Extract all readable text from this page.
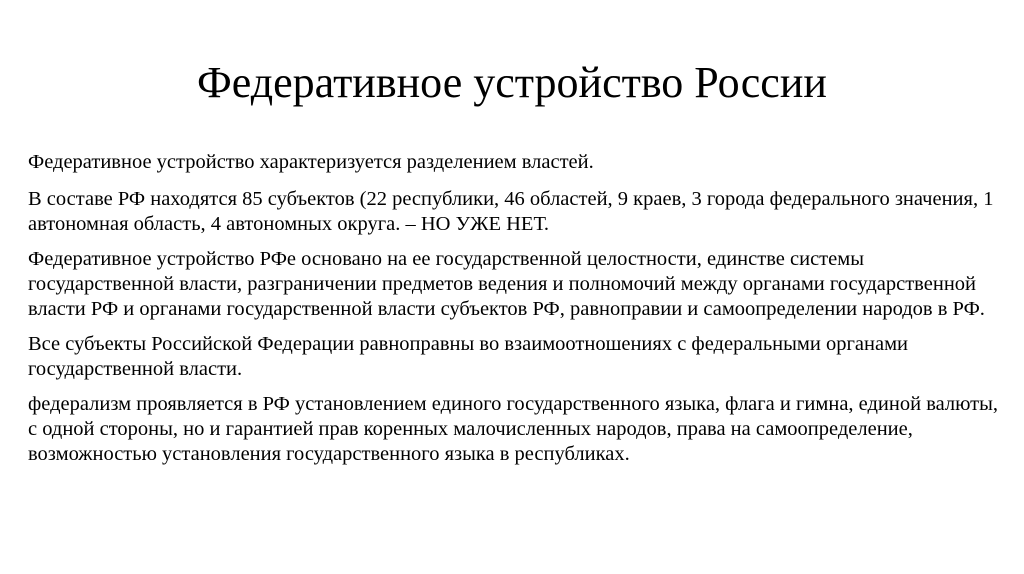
Федеративное устройство России

Федеративное устройство характеризуется разделением властей.

В составе РФ находятся 85 субъектов (22 республики, 46 областей, 9 краев, 3 города федерального значения, 1 автономная область, 4 автономных округа. – НО УЖЕ НЕТ.

Федеративное устройство РФе основано на ее государственной целостности, единстве системы государственной власти, разграничении предметов ведения и полномочий между органами государственной власти РФ и органами государственной власти субъектов РФ, равноправии и самоопределении народов в РФ.

Все субъекты Российской Федерации равноправны во взаимоотношениях с федеральными органами государственной власти.

федерализм проявляется в РФ установлением единого государственного языка, флага и гимна, единой валюты, с одной стороны, но и гарантией прав коренных малочисленных народов, права на самоопределение, возможностью установления государственного языка в республиках.
